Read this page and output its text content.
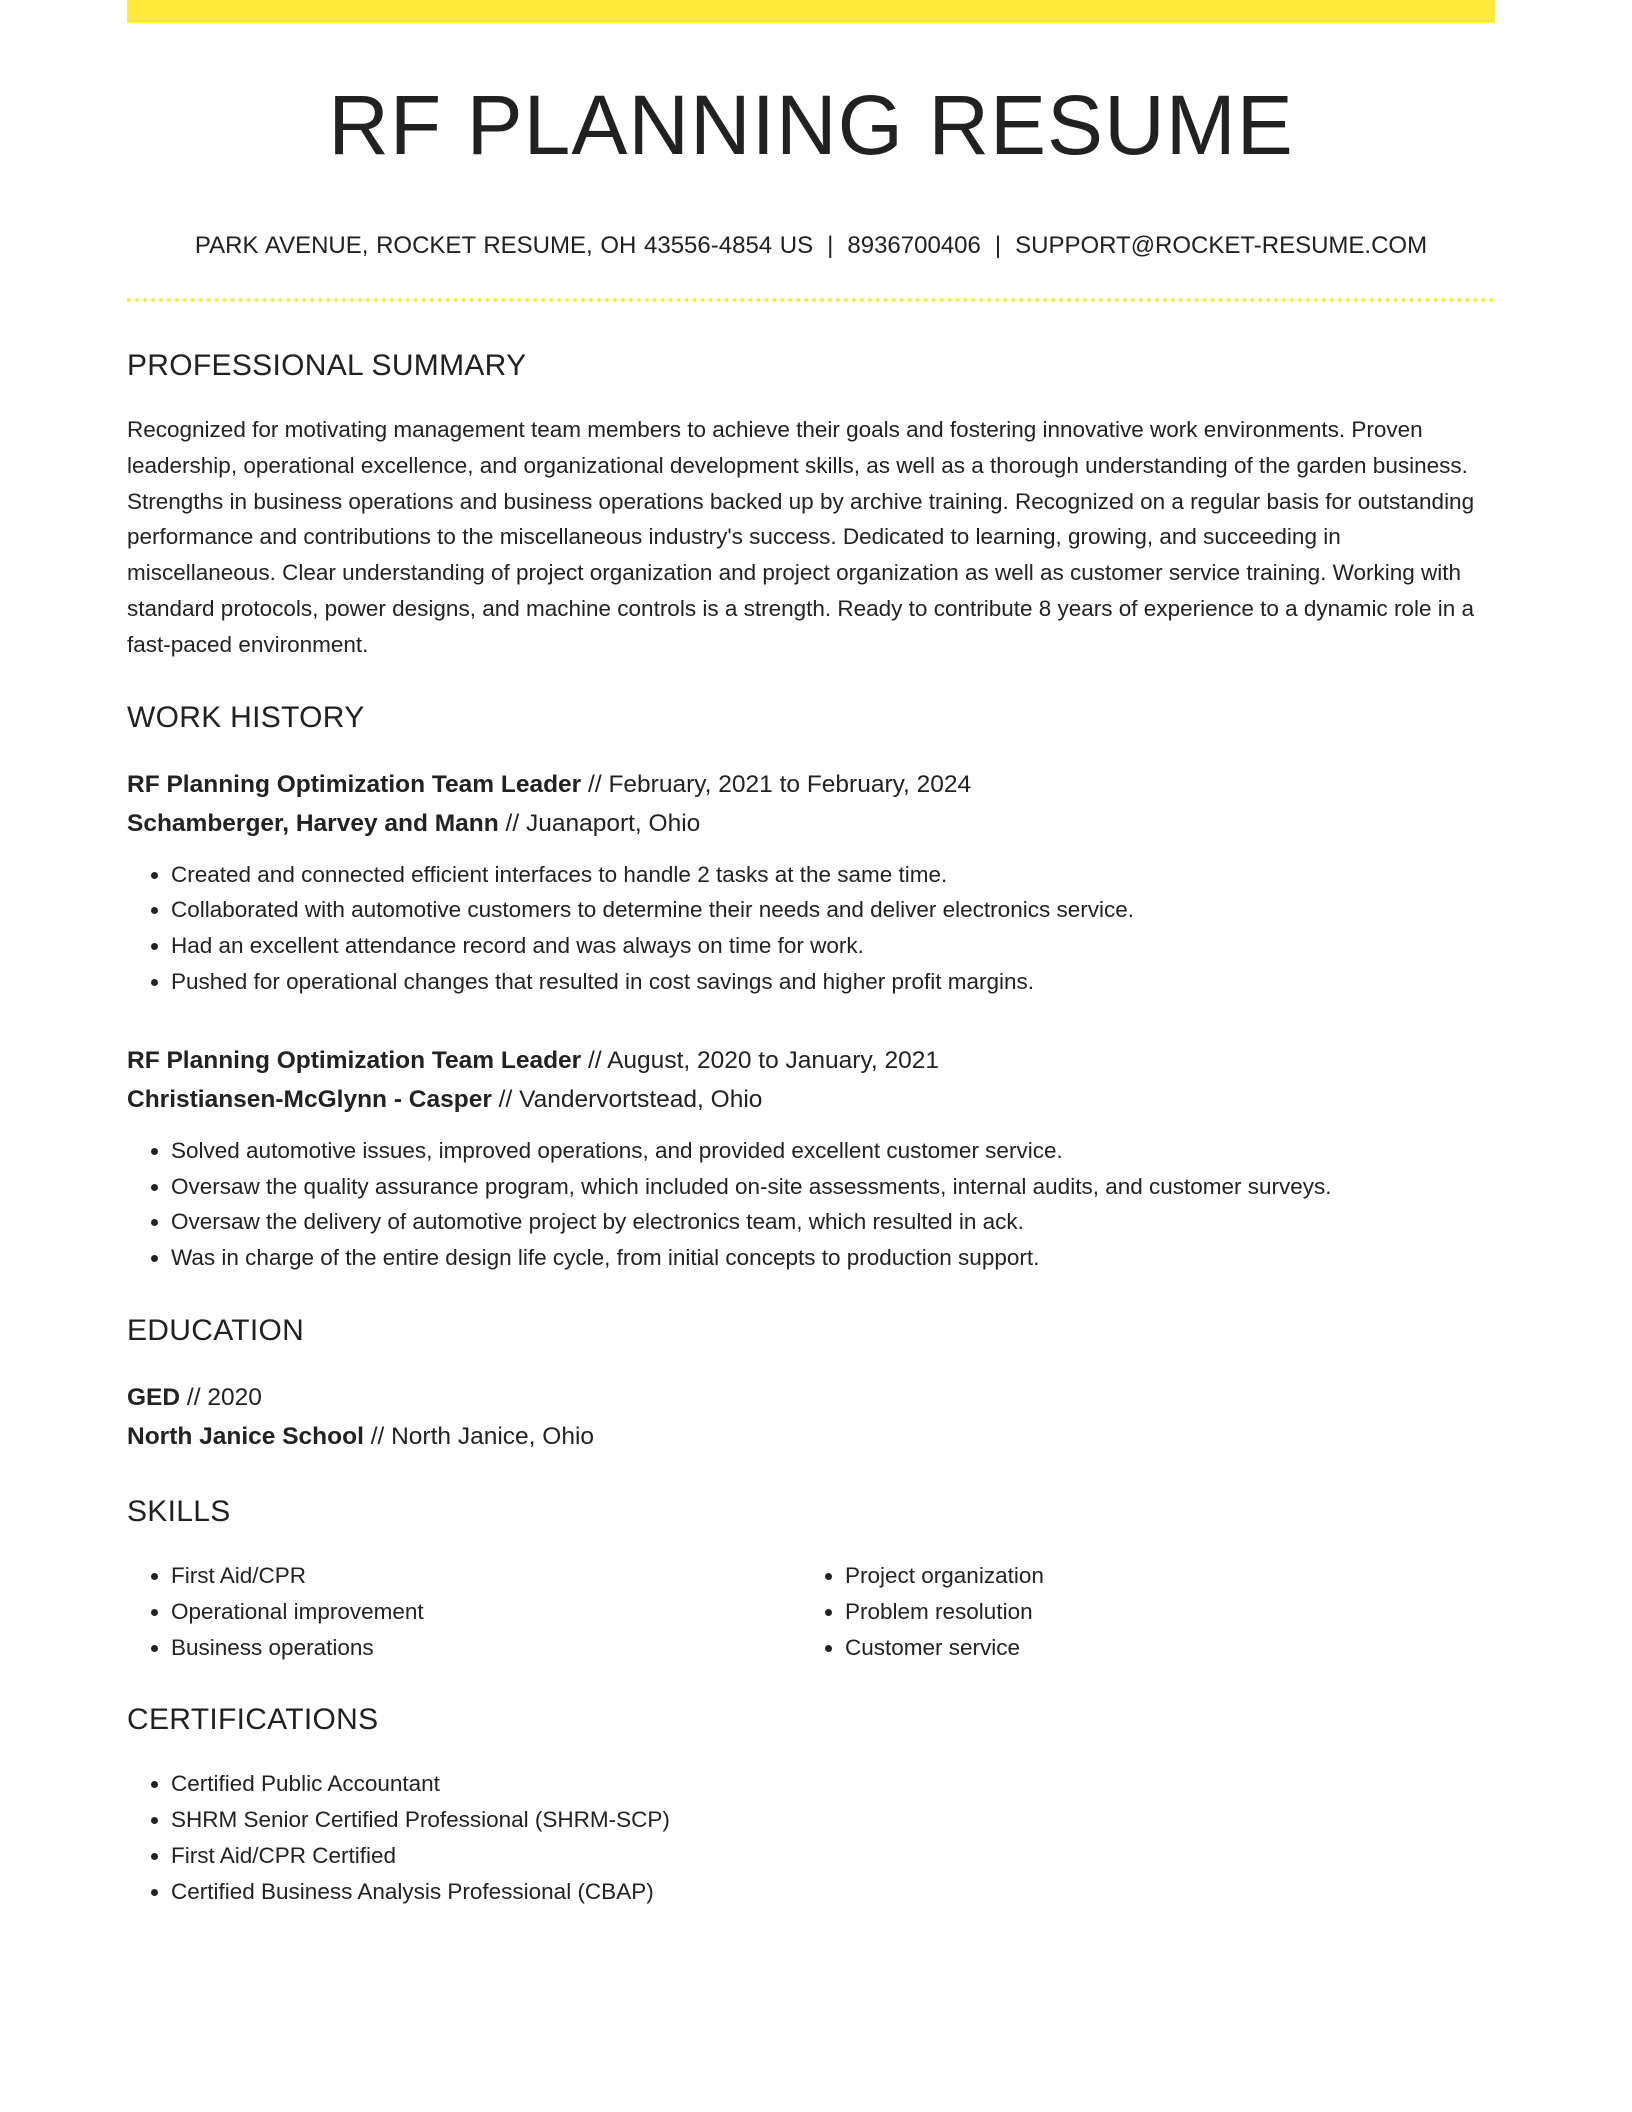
RF PLANNING RESUME
PARK AVENUE, ROCKET RESUME, OH 43556-4854 US | 8936700406 | SUPPORT@ROCKET-RESUME.COM
PROFESSIONAL SUMMARY
Recognized for motivating management team members to achieve their goals and fostering innovative work environments. Proven leadership, operational excellence, and organizational development skills, as well as a thorough understanding of the garden business. Strengths in business operations and business operations backed up by archive training. Recognized on a regular basis for outstanding performance and contributions to the miscellaneous industry's success. Dedicated to learning, growing, and succeeding in miscellaneous. Clear understanding of project organization and project organization as well as customer service training. Working with standard protocols, power designs, and machine controls is a strength. Ready to contribute 8 years of experience to a dynamic role in a fast-paced environment.
WORK HISTORY
RF Planning Optimization Team Leader // February, 2021 to February, 2024
Schamberger, Harvey and Mann // Juanaport, Ohio
• Created and connected efficient interfaces to handle 2 tasks at the same time.
• Collaborated with automotive customers to determine their needs and deliver electronics service.
• Had an excellent attendance record and was always on time for work.
• Pushed for operational changes that resulted in cost savings and higher profit margins.
RF Planning Optimization Team Leader // August, 2020 to January, 2021
Christiansen-McGlynn - Casper // Vandervortstead, Ohio
• Solved automotive issues, improved operations, and provided excellent customer service.
• Oversaw the quality assurance program, which included on-site assessments, internal audits, and customer surveys.
• Oversaw the delivery of automotive project by electronics team, which resulted in ack.
• Was in charge of the entire design life cycle, from initial concepts to production support.
EDUCATION
GED // 2020
North Janice School // North Janice, Ohio
SKILLS
• First Aid/CPR
• Operational improvement
• Business operations
• Project organization
• Problem resolution
• Customer service
CERTIFICATIONS
• Certified Public Accountant
• SHRM Senior Certified Professional (SHRM-SCP)
• First Aid/CPR Certified
• Certified Business Analysis Professional (CBAP)
